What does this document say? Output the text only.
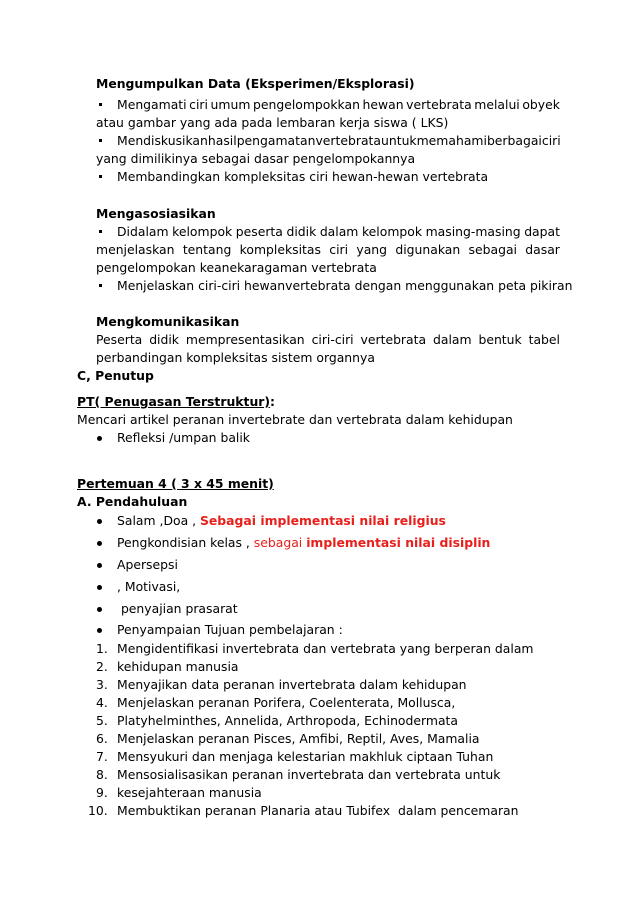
Mengumpulkan Data (Eksperimen/Eksplorasi)
Mengamati ciri umum pengelompokkan hewan vertebrata melalui obyek
atau gambar yang ada pada lembaran kerja siswa ( LKS)
Mendiskusikan hasil pengamatan vertebrata untuk memahami berbagai ciri
yang dimilikinya sebagai dasar pengelompokannya
Membandingkan kompleksitas ciri hewan-hewan vertebrata
Mengasosiasikan
Didalam kelompok peserta didik dalam kelompok masing-masing dapat
menjelaskan tentang kompleksitas ciri yang digunakan sebagai dasar
pengelompokan keanekaragaman vertebrata
Menjelaskan ciri-ciri hewanvertebrata dengan menggunakan peta pikiran
Mengkomunikasikan
Peserta didik mempresentasikan ciri-ciri vertebrata dalam bentuk tabel
perbandingan kompleksitas sistem organnya
C, Penutup
PT( Penugasan Terstruktur):
Mencari artikel peranan invertebrate dan vertebrata dalam kehidupan
Refleksi /umpan balik
Pertemuan 4 ( 3 x 45 menit)
A. Pendahuluan
Salam ,Doa , Sebagai implementasi nilai religius
Pengkondisian kelas , sebagai implementasi nilai disiplin
Apersepsi
, Motivasi,
penyajian prasarat
Penyampaian Tujuan pembelajaran :
1. Mengidentifikasi invertebrata dan vertebrata yang berperan dalam
2. kehidupan manusia
3. Menyajikan data peranan invertebrata dalam kehidupan
4. Menjelaskan peranan Porifera, Coelenterata, Mollusca,
5. Platyhelminthes, Annelida, Arthropoda, Echinodermata
6. Menjelaskan peranan Pisces, Amfibi, Reptil, Aves, Mamalia
7. Mensyukuri dan menjaga kelestarian makhluk ciptaan Tuhan
8. Mensosialisasikan peranan invertebrata dan vertebrata untuk
9. kesejahteraan manusia
10. Membuktikan peranan Planaria atau Tubifex  dalam pencemaran
